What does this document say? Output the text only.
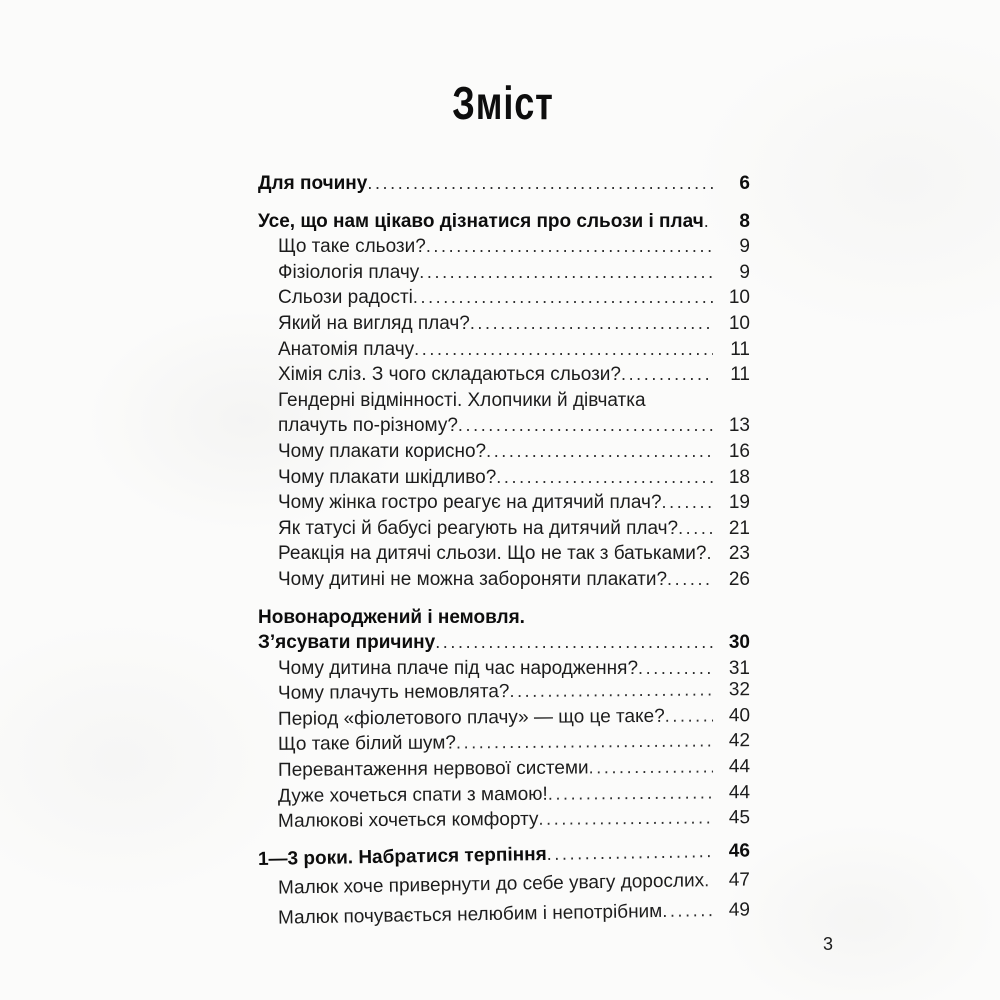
Зміст
Для почину .....	6
Усе, що нам цікаво дізнатися про сльози і плач .....	8
Що таке сльози? .....	9
Фізіологія плачу .....	9
Сльози радості .....	10
Який на вигляд плач? .....	10
Анатомія плачу .....	11
Хімія сліз. З чого складаються сльози? .....	11
Гендерні відмінності. Хлопчики й дівчатка
плачуть по-різному? .....	13
Чому плакати корисно? .....	16
Чому плакати шкідливо? .....	18
Чому жінка гостро реагує на дитячий плач? .....	19
Як татусі й бабусі реагують на дитячий плач? .....	21
Реакція на дитячі сльози. Що не так з батьками? .....	23
Чому дитині не можна забороняти плакати? .....	26
Новонароджений і немовля.
З’ясувати причину .....	30
Чому дитина плаче під час народження? .....	31
Чому плачуть немовлята? .....	32
Період «фіолетового плачу» — що це таке? .....	40
Що таке білий шум? .....	42
Перевантаження нервової системи .....	44
Дуже хочеться спати з мамою! .....	44
Малюкові хочеться комфорту .....	45
1—3 роки. Набратися терпіння .....	46
Малюк хоче привернути до себе увагу дорослих .....	47
Малюк почувається нелюбим і непотрібним .....	49
3
